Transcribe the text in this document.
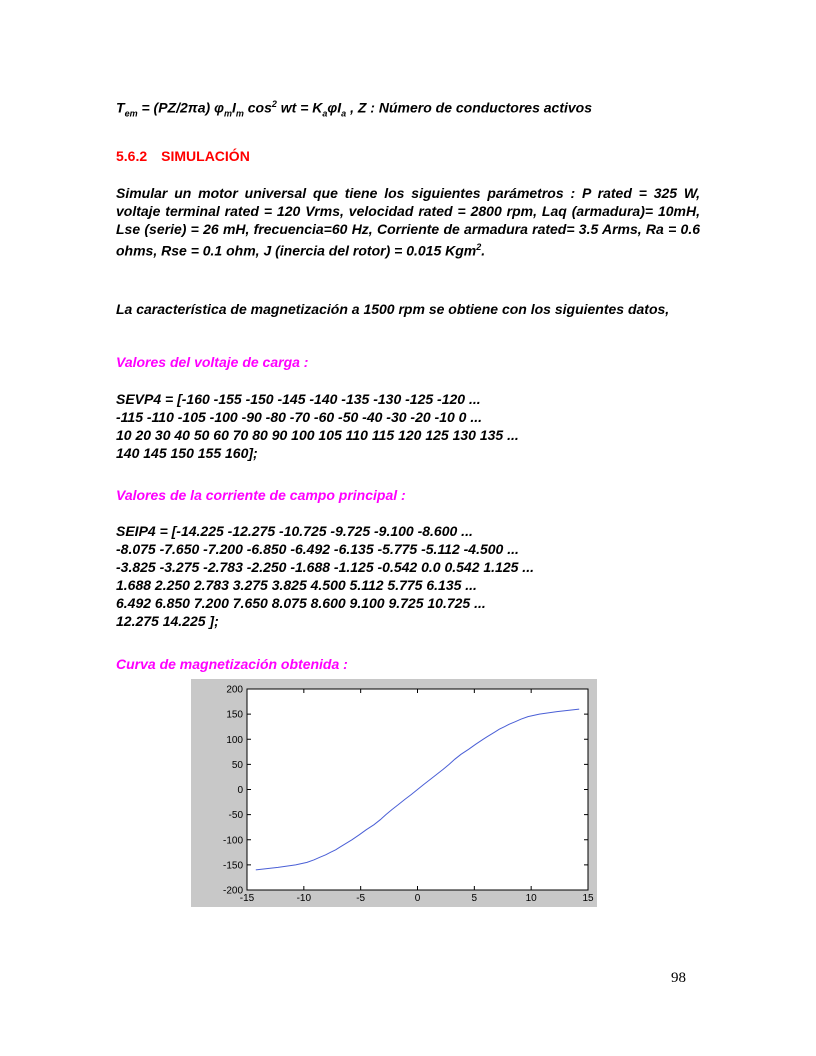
$T_{em} = (PZ/2\pi a)$ $\varphi_mI_m$ $\cos^2$ wt = $K_a\varphi I_a$ , Z : Número de conductores activos
5.6.2 SIMULACIÓN

Simular un motor universal que tiene los siguientes parámetros : P rated = 325 W, voltaje terminal rated = 120 Vrms, velocidad rated = 2800 rpm, Laq (armadura)= 10mH, Lse (serie) = 26 mH, frecuencia=60 Hz, Corriente de armadura rated= 3.5 Arms, Ra = 0.6 ohms, Rse = 0.1 ohm, J (inercia del rotor) = 0.015 Kgm$^2$.

La característica de magnetización a 1500 rpm se obtiene con los siguientes datos,

Valores del voltaje de carga :
SEVP4 = [-160 -155 -150 -145 -140 -135 -130 -125 -120 ...
-115 -110 -105 -100 -90 -80 -70 -60 -50 -40 -30 -20 -10 0 ...
10 20 30 40 50 60 70 80 90 100 105 110 115 120 125 130 135 ...
140 145 150 155 160];
Valores de la corriente de campo principal :
SEIP4 = [-14.225 -12.275 -10.725 -9.725 -9.100 -8.600 ...
-8.075 -7.650 -7.200 -6.850 -6.492 -6.135 -5.775 -5.112 -4.500 ...
-3.825 -3.275 -2.783 -2.250 -1.688 -1.125 -0.542 0.0 0.542 1.125 ...
1.688 2.250 2.783 3.275 3.825 4.500 5.112 5.775 6.135 ...
6.492 6.850 7.200 7.650 8.075 8.600 9.100 9.725 10.725 ...
12.275 14.225 ];
Curva de magnetización obtenida :
-15	-10	-5	0	5	10	15
200
150
100
50
0
-50
-100
-150
-200
98
